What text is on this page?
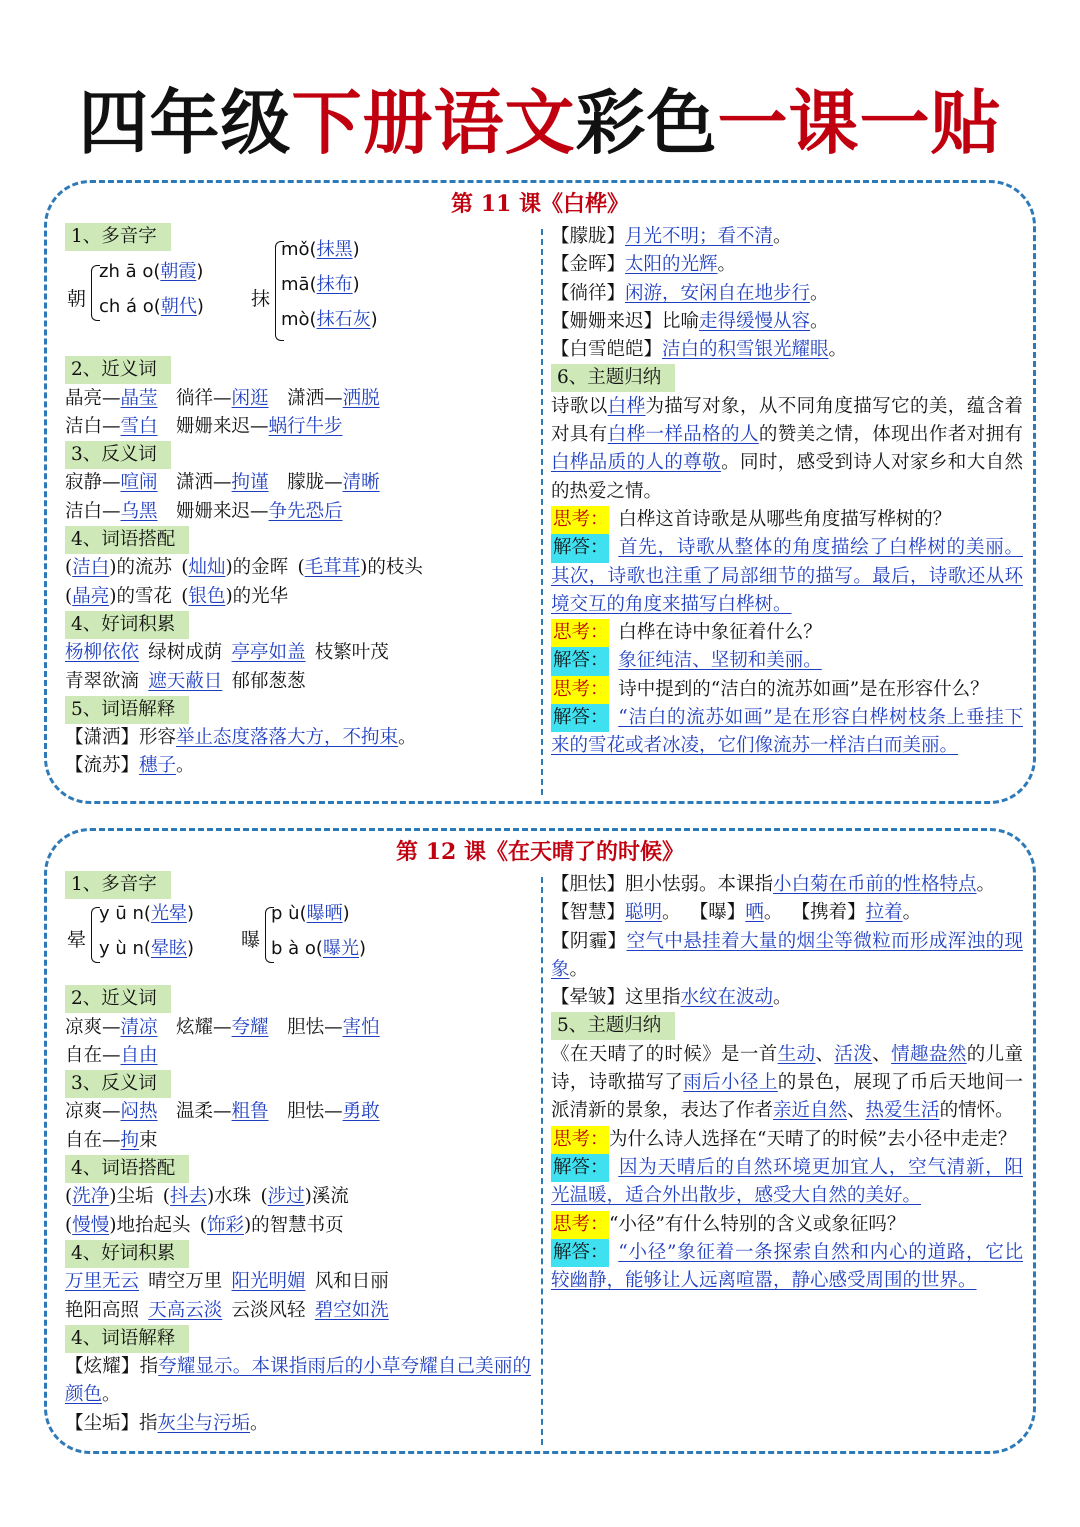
四年级下册语文彩色一课一贴
第 11 课《白桦》
1、多音字
朝
zh ā o(朝霞)
ch á o(朝代) 抹
mǒ(抹黑)
mā(抹布)
mò(抹石灰)
2、近义词
晶亮—晶莹  徜徉—闲逛  潇洒—洒脱
洁白—雪白  姗姗来迟—蜗行牛步
3、反义词
寂静—喧闹  潇洒—拘谨  朦胧—清晰
洁白—乌黑  姗姗来迟—争先恐后
4、词语搭配
(洁白)的流苏 (灿灿)的金晖 (毛茸茸)的枝头
(晶亮)的雪花 (银色)的光华
4、好词积累
杨柳依依  绿树成荫  亭亭如盖  枝繁叶茂
青翠欲滴  遮天蔽日  郁郁葱葱
5、词语解释
【潇洒】形容举止态度落落大方，不拘束。
【流苏】穗子。
【朦胧】月光不明；看不清。
【金晖】太阳的光辉。
【徜徉】闲游，安闲自在地步行。
【姗姗来迟】比喻走得缓慢从容。
【白雪皑皑】洁白的积雪银光耀眼。
6、主题归纳
诗歌以白桦为描写对象，从不同角度描写它的美，蕴含着对具有白桦一样品格的人的赞美之情，体现出作者对拥有白桦品质的人的尊敬。同时，感受到诗人对家乡和大自然的热爱之情。
思考：  白桦这首诗歌是从哪些角度描写桦树的？
解答：  首先，诗歌从整体的角度描绘了白桦树的美丽。其次，诗歌也注重了局部细节的描写。最后，诗歌还从环境交互的角度来描写白桦树。
思考：  白桦在诗中象征着什么？
解答：  象征纯洁、坚韧和美丽。
思考：  诗中提到的“洁白的流苏如画”是在形容什么？
解答：  “洁白的流苏如画”是在形容白桦树枝条上垂挂下来的雪花或者冰凌，它们像流苏一样洁白而美丽。
第 12 课《在天晴了的时候》
1、多音字
晕
y ū n(光晕)
y ù n(晕眩) 曝
p ù(曝晒)
b à o(曝光)
2、近义词
凉爽—清凉  炫耀—夸耀  胆怯—害怕
自在—自由
3、反义词
凉爽—闷热  温柔—粗鲁  胆怯—勇敢
自在—拘束
4、词语搭配
(洗净)尘垢 (抖去)水珠 (涉过)溪流
(慢慢)地抬起头 (饰彩)的智慧书页
4、好词积累
万里无云  晴空万里  阳光明媚  风和日丽
艳阳高照  天高云淡  云淡风轻  碧空如洗
4、词语解释
【炫耀】指夸耀显示。本课指雨后的小草夸耀自己美丽的颜色。
【尘垢】指灰尘与污垢。
【胆怯】胆小怯弱。本课指小白菊在币前的性格特点。
【智慧】聪明。 【曝】晒。 【携着】拉着。
【阴霾】空气中悬挂着大量的烟尘等微粒而形成浑浊的现象。
【晕皱】这里指水纹在波动。
5、主题归纳
《在天晴了的时候》是一首生动、活泼、情趣盎然的儿童诗，诗歌描写了雨后小径上的景色，展现了币后天地间一派清新的景象，表达了作者亲近自然、热爱生活的情怀。
思考：为什么诗人选择在“天晴了的时候”去小径中走走？
解答：  因为天晴后的自然环境更加宜人，空气清新，阳光温暖，适合外出散步，感受大自然的美好。
思考：“小径”有什么特别的含义或象征吗？
解答：  “小径”象征着一条探索自然和内心的道路，它比较幽静，能够让人远离喧嚣，静心感受周围的世界。
